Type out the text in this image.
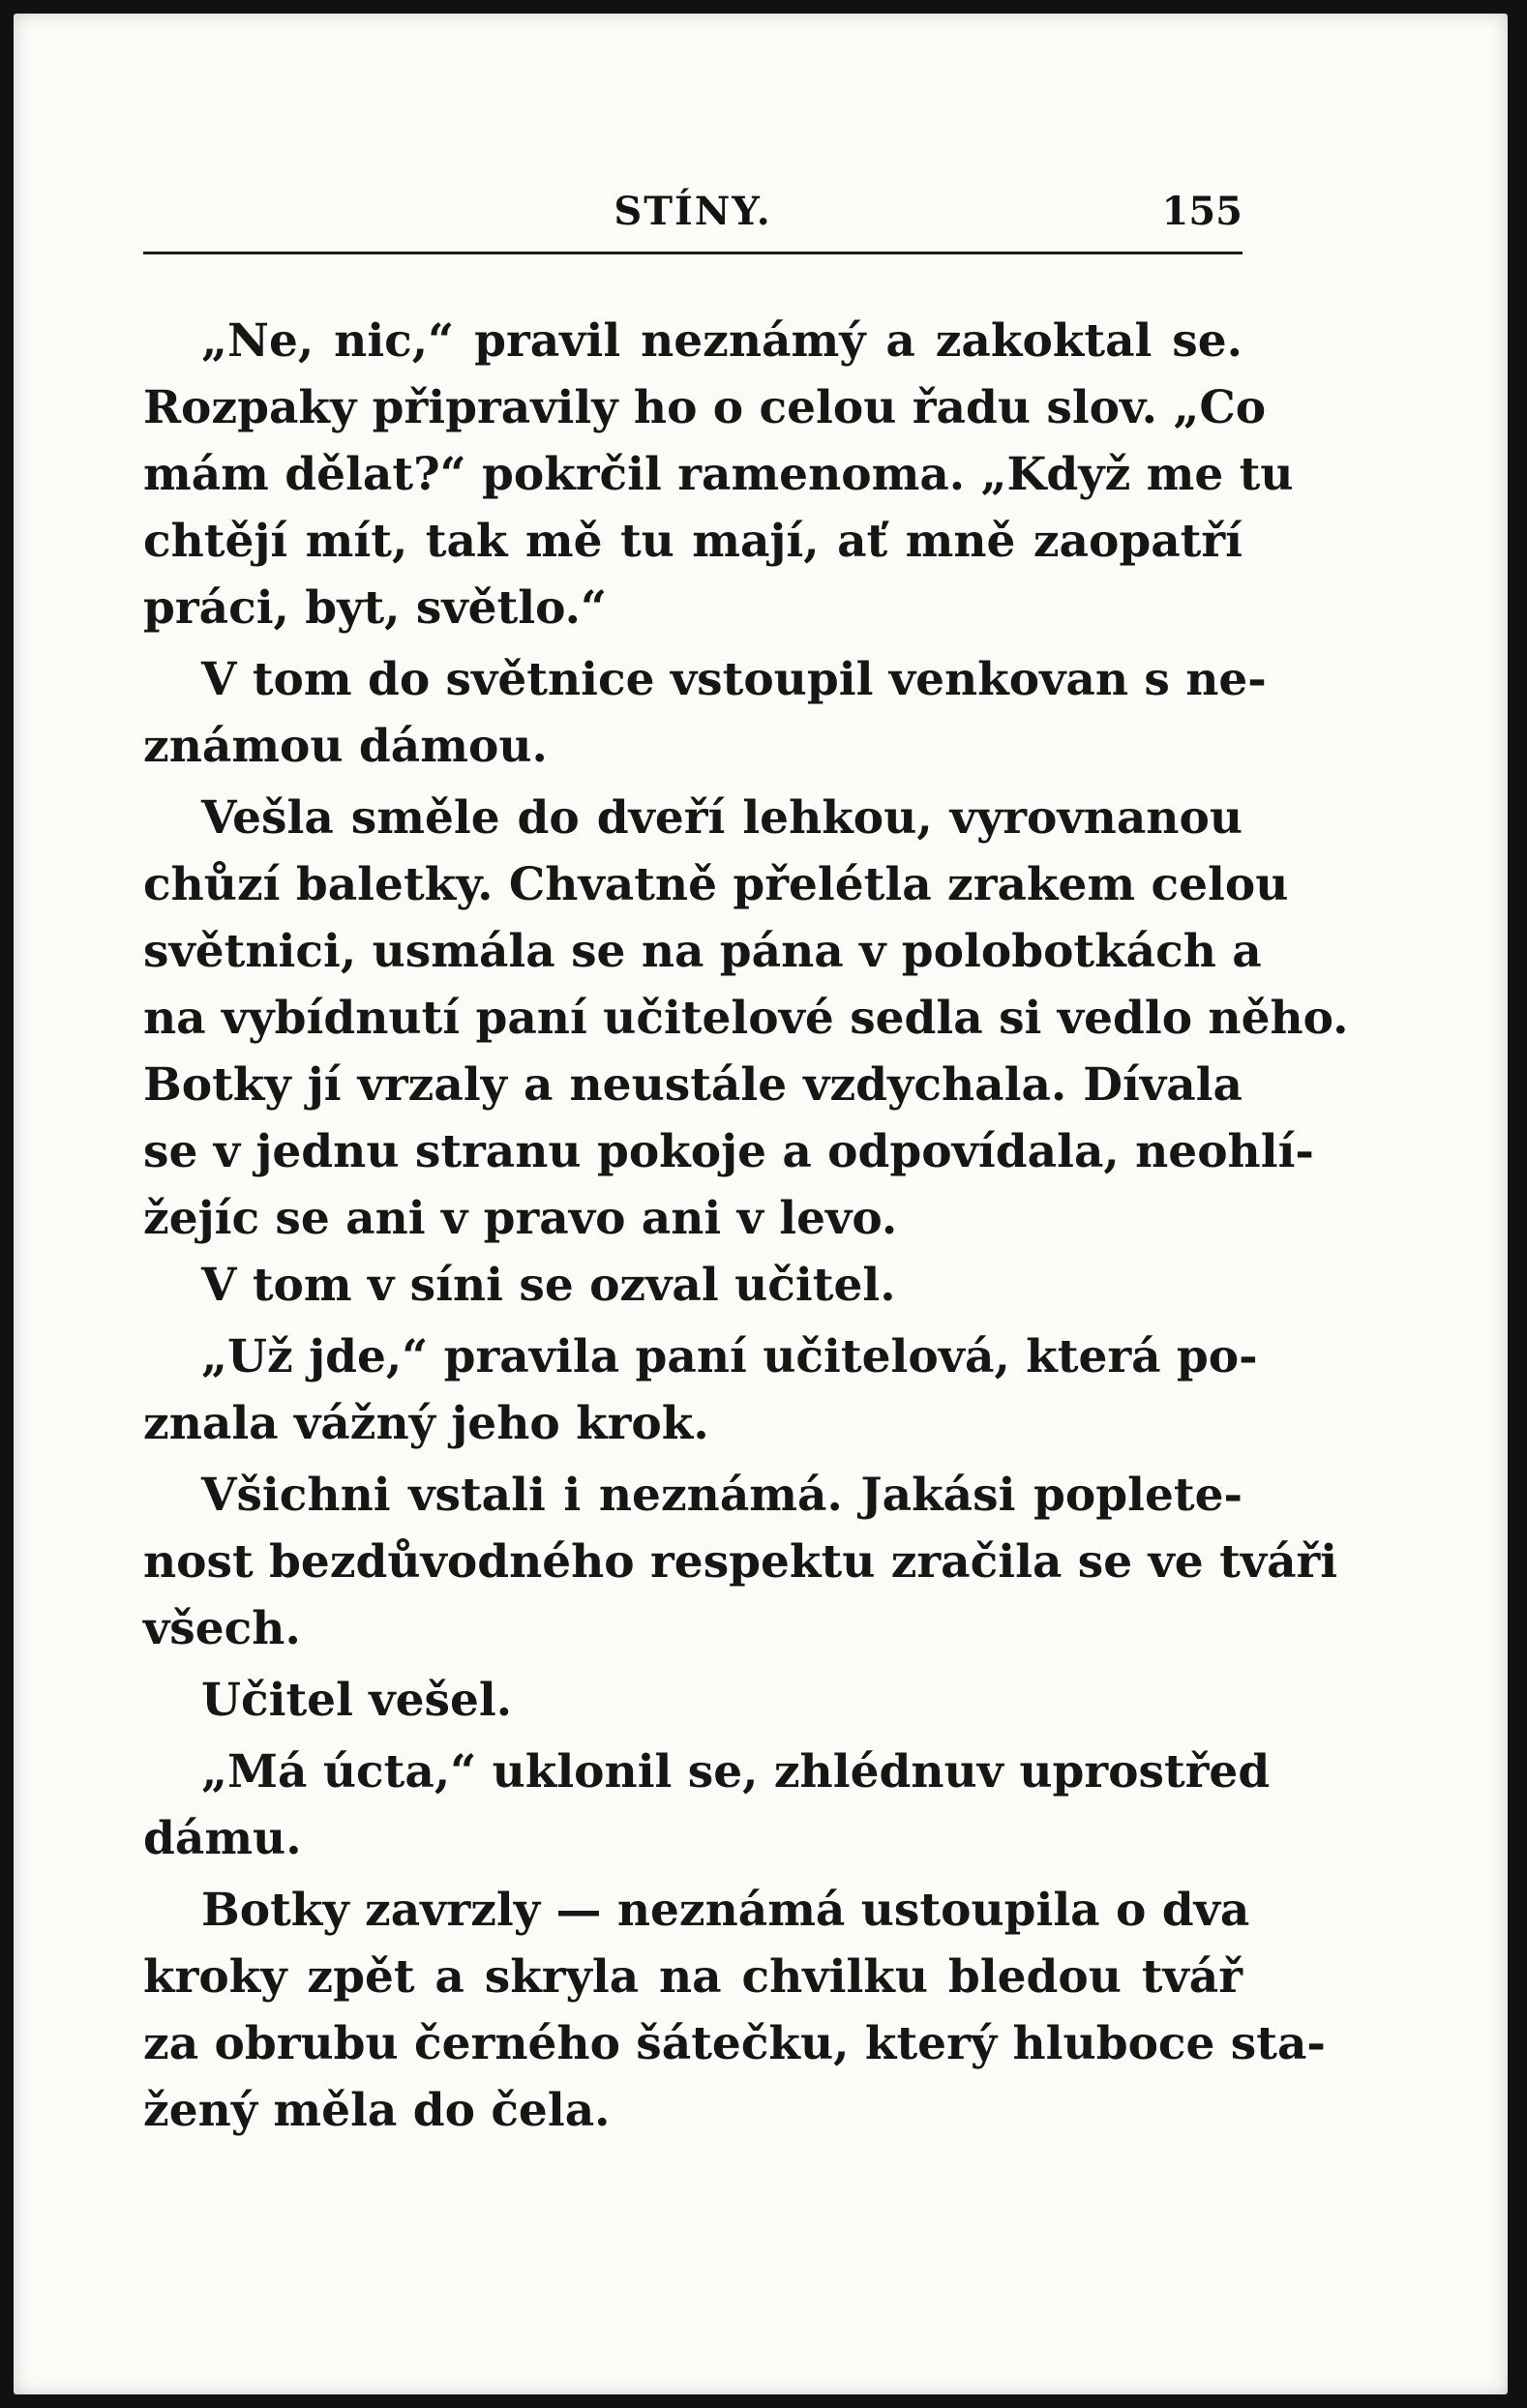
STÍNY.	155
„Ne, nic,“ pravil neznámý a zakoktal se.
Rozpaky připravily ho o celou řadu slov. „Co
mám dělat?“ pokrčil ramenoma. „Když me tu
chtějí mít, tak mě tu mají, ať mně zaopatří
práci, byt, světlo.“
V tom do světnice vstoupil venkovan s ne-
známou dámou.
Vešla směle do dveří lehkou, vyrovnanou
chůzí baletky. Chvatně přelétla zrakem celou
světnici, usmála se na pána v polobotkách a
na vybídnutí paní učitelové sedla si vedlo něho.
Botky jí vrzaly a neustále vzdychala. Dívala
se v jednu stranu pokoje a odpovídala, neohlí-
žejíc se ani v pravo ani v levo.
V tom v síni se ozval učitel.
„Už jde,“ pravila paní učitelová, která po-
znala vážný jeho krok.
Všichni vstali i neznámá. Jakási poplete-
nost bezdůvodného respektu zračila se ve tváři
všech.
Učitel vešel.
„Má úcta,“ uklonil se, zhlédnuv uprostřed
dámu.
Botky zavrzly — neznámá ustoupila o dva
kroky zpět a skryla na chvilku bledou tvář
za obrubu černého šátečku, který hluboce sta-
žený měla do čela.
